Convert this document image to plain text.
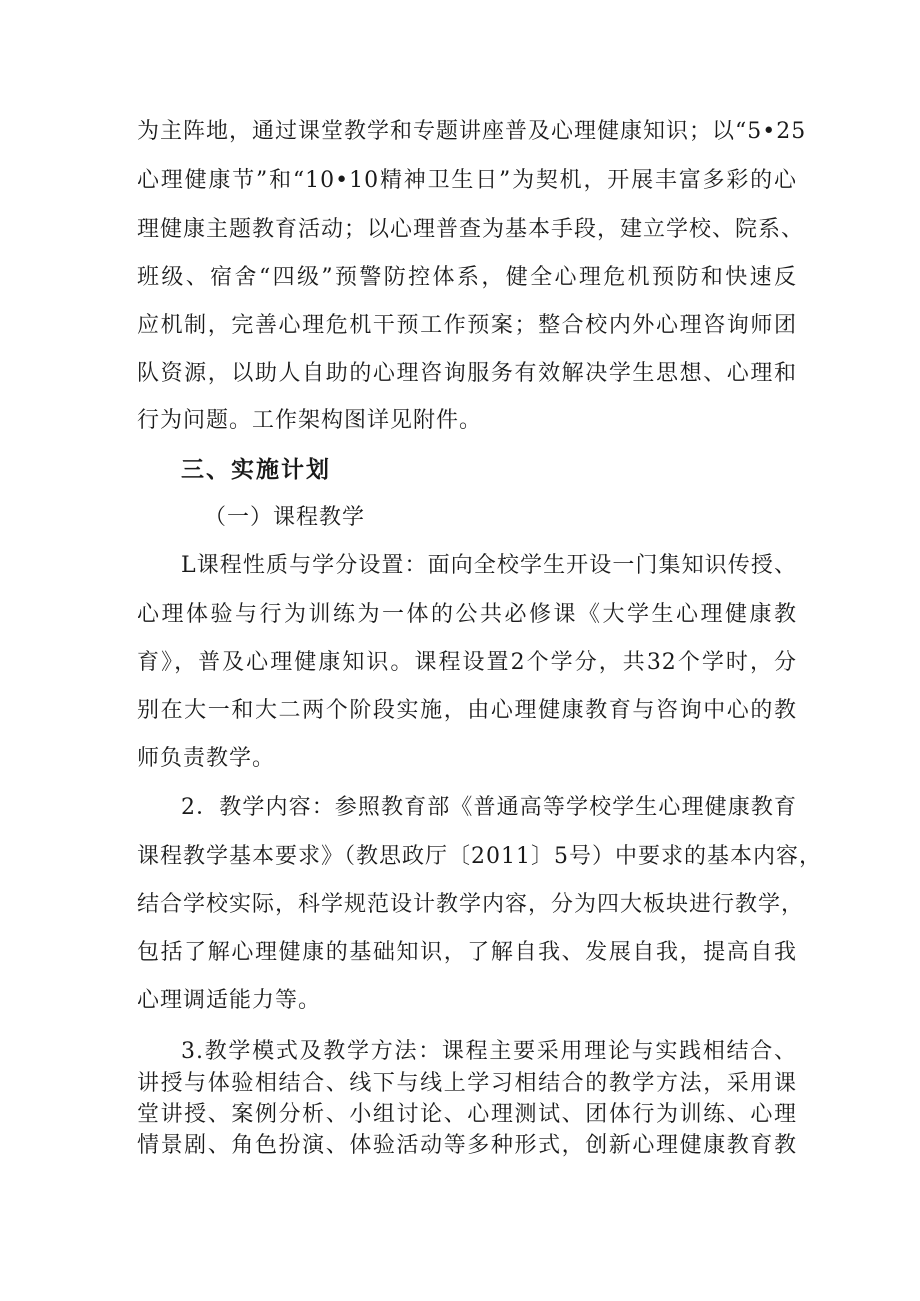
为主阵地，通过课堂教学和专题讲座普及心理健康知识；以“5•25
心理健康节”和“10•10精神卫生日”为契机，开展丰富多彩的心
理健康主题教育活动；以心理普查为基本手段，建立学校、院系、
班级、宿舍“四级”预警防控体系，健全心理危机预防和快速反
应机制，完善心理危机干预工作预案；整合校内外心理咨询师团
队资源，以助人自助的心理咨询服务有效解决学生思想、心理和
行为问题。工作架构图详见附件。
三、实施计划
（一）课程教学
L课程性质与学分设置：面向全校学生开设一门集知识传授、
心理体验与行为训练为一体的公共必修课《大学生心理健康教
育》，普及心理健康知识。课程设置2个学分，共32个学时，分
别在大一和大二两个阶段实施，由心理健康教育与咨询中心的教
师负责教学。
2．教学内容：参照教育部《普通高等学校学生心理健康教育
课程教学基本要求》（教思政厅〔2011〕5号）中要求的基本内容，
结合学校实际，科学规范设计教学内容，分为四大板块进行教学，
包括了解心理健康的基础知识，了解自我、发展自我，提高自我
心理调适能力等。
3.教学模式及教学方法：课程主要采用理论与实践相结合、
讲授与体验相结合、线下与线上学习相结合的教学方法，采用课
堂讲授、案例分析、小组讨论、心理测试、团体行为训练、心理
情景剧、角色扮演、体验活动等多种形式，创新心理健康教育教
